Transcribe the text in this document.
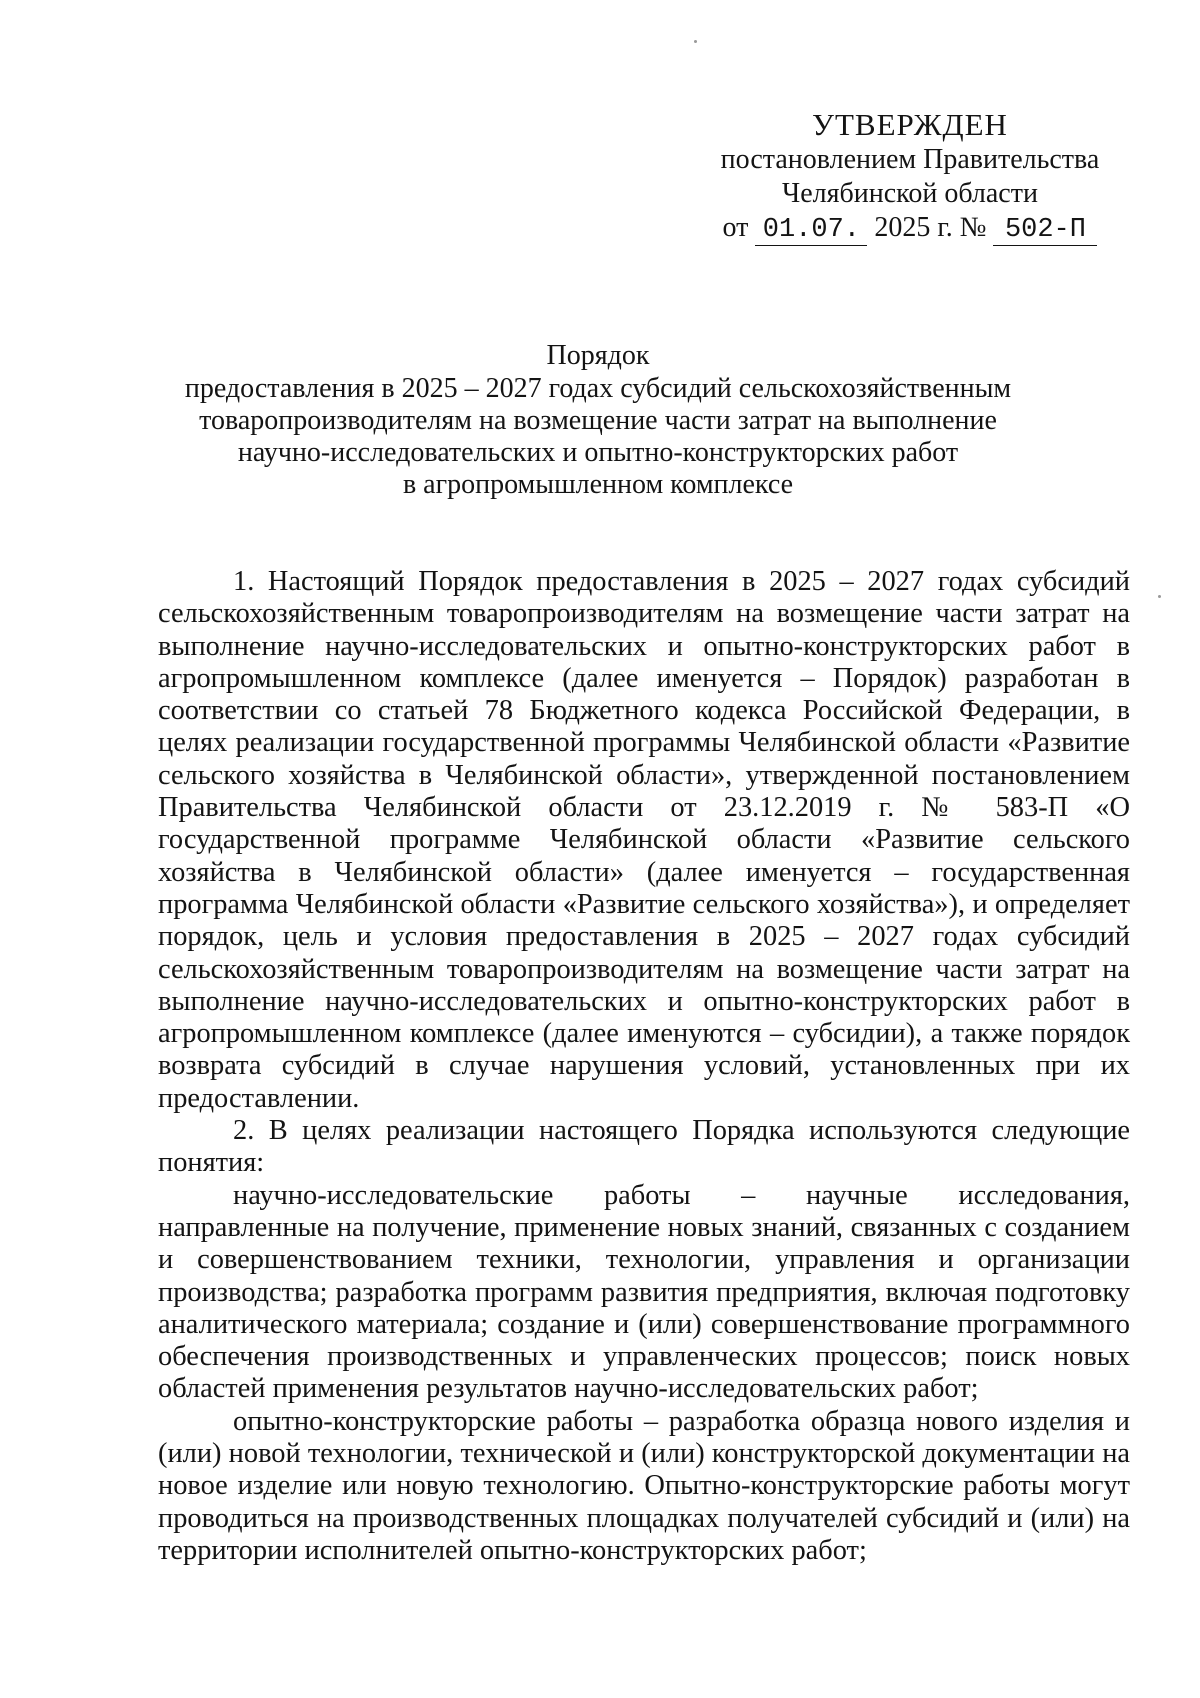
УТВЕРЖДЕН
постановлением Правительства
Челябинской области
от 01.07. 2025 г. № 502-П
Порядок
предоставления в 2025 – 2027 годах субсидий сельскохозяйственным
товаропроизводителям на возмещение части затрат на выполнение
научно-исследовательских и опытно-конструкторских работ
в агропромышленном комплексе

1. Настоящий Порядок предоставления в 2025 – 2027 годах субсидий сельскохозяйственным товаропроизводителям на возмещение части затрат на выполнение научно-исследовательских и опытно-конструкторских работ в агропромышленном комплексе (далее именуется – Порядок) разработан в соответствии со статьей 78 Бюджетного кодекса Российской Федерации, в целях реализации государственной программы Челябинской области «Развитие сельского хозяйства в Челябинской области», утвержденной постановлением Правительства Челябинской области от 23.12.2019 г. № 583-П «О государственной программе Челябинской области «Развитие сельского хозяйства в Челябинской области» (далее именуется – государственная программа Челябинской области «Развитие сельского хозяйства»), и определяет порядок, цель и условия предоставления в 2025 – 2027 годах субсидий сельскохозяйственным товаропроизводителям на возмещение части затрат на выполнение научно-исследовательских и опытно-конструкторских работ в агропромышленном комплексе (далее именуются – субсидии), а также порядок возврата субсидий в случае нарушения условий, установленных при их предоставлении.

2. В целях реализации настоящего Порядка используются следующие понятия:

научно-исследовательские работы – научные исследования, направленные на получение, применение новых знаний, связанных с созданием и совершенствованием техники, технологии, управления и организации производства; разработка программ развития предприятия, включая подготовку аналитического материала; создание и (или) совершенствование программного обеспечения производственных и управленческих процессов; поиск новых областей применения результатов научно-исследовательских работ;

опытно-конструкторские работы – разработка образца нового изделия и (или) новой технологии, технической и (или) конструкторской документации на новое изделие или новую технологию. Опытно-конструкторские работы могут проводиться на производственных площадках получателей субсидий и (или) на территории исполнителей опытно-конструкторских работ;
